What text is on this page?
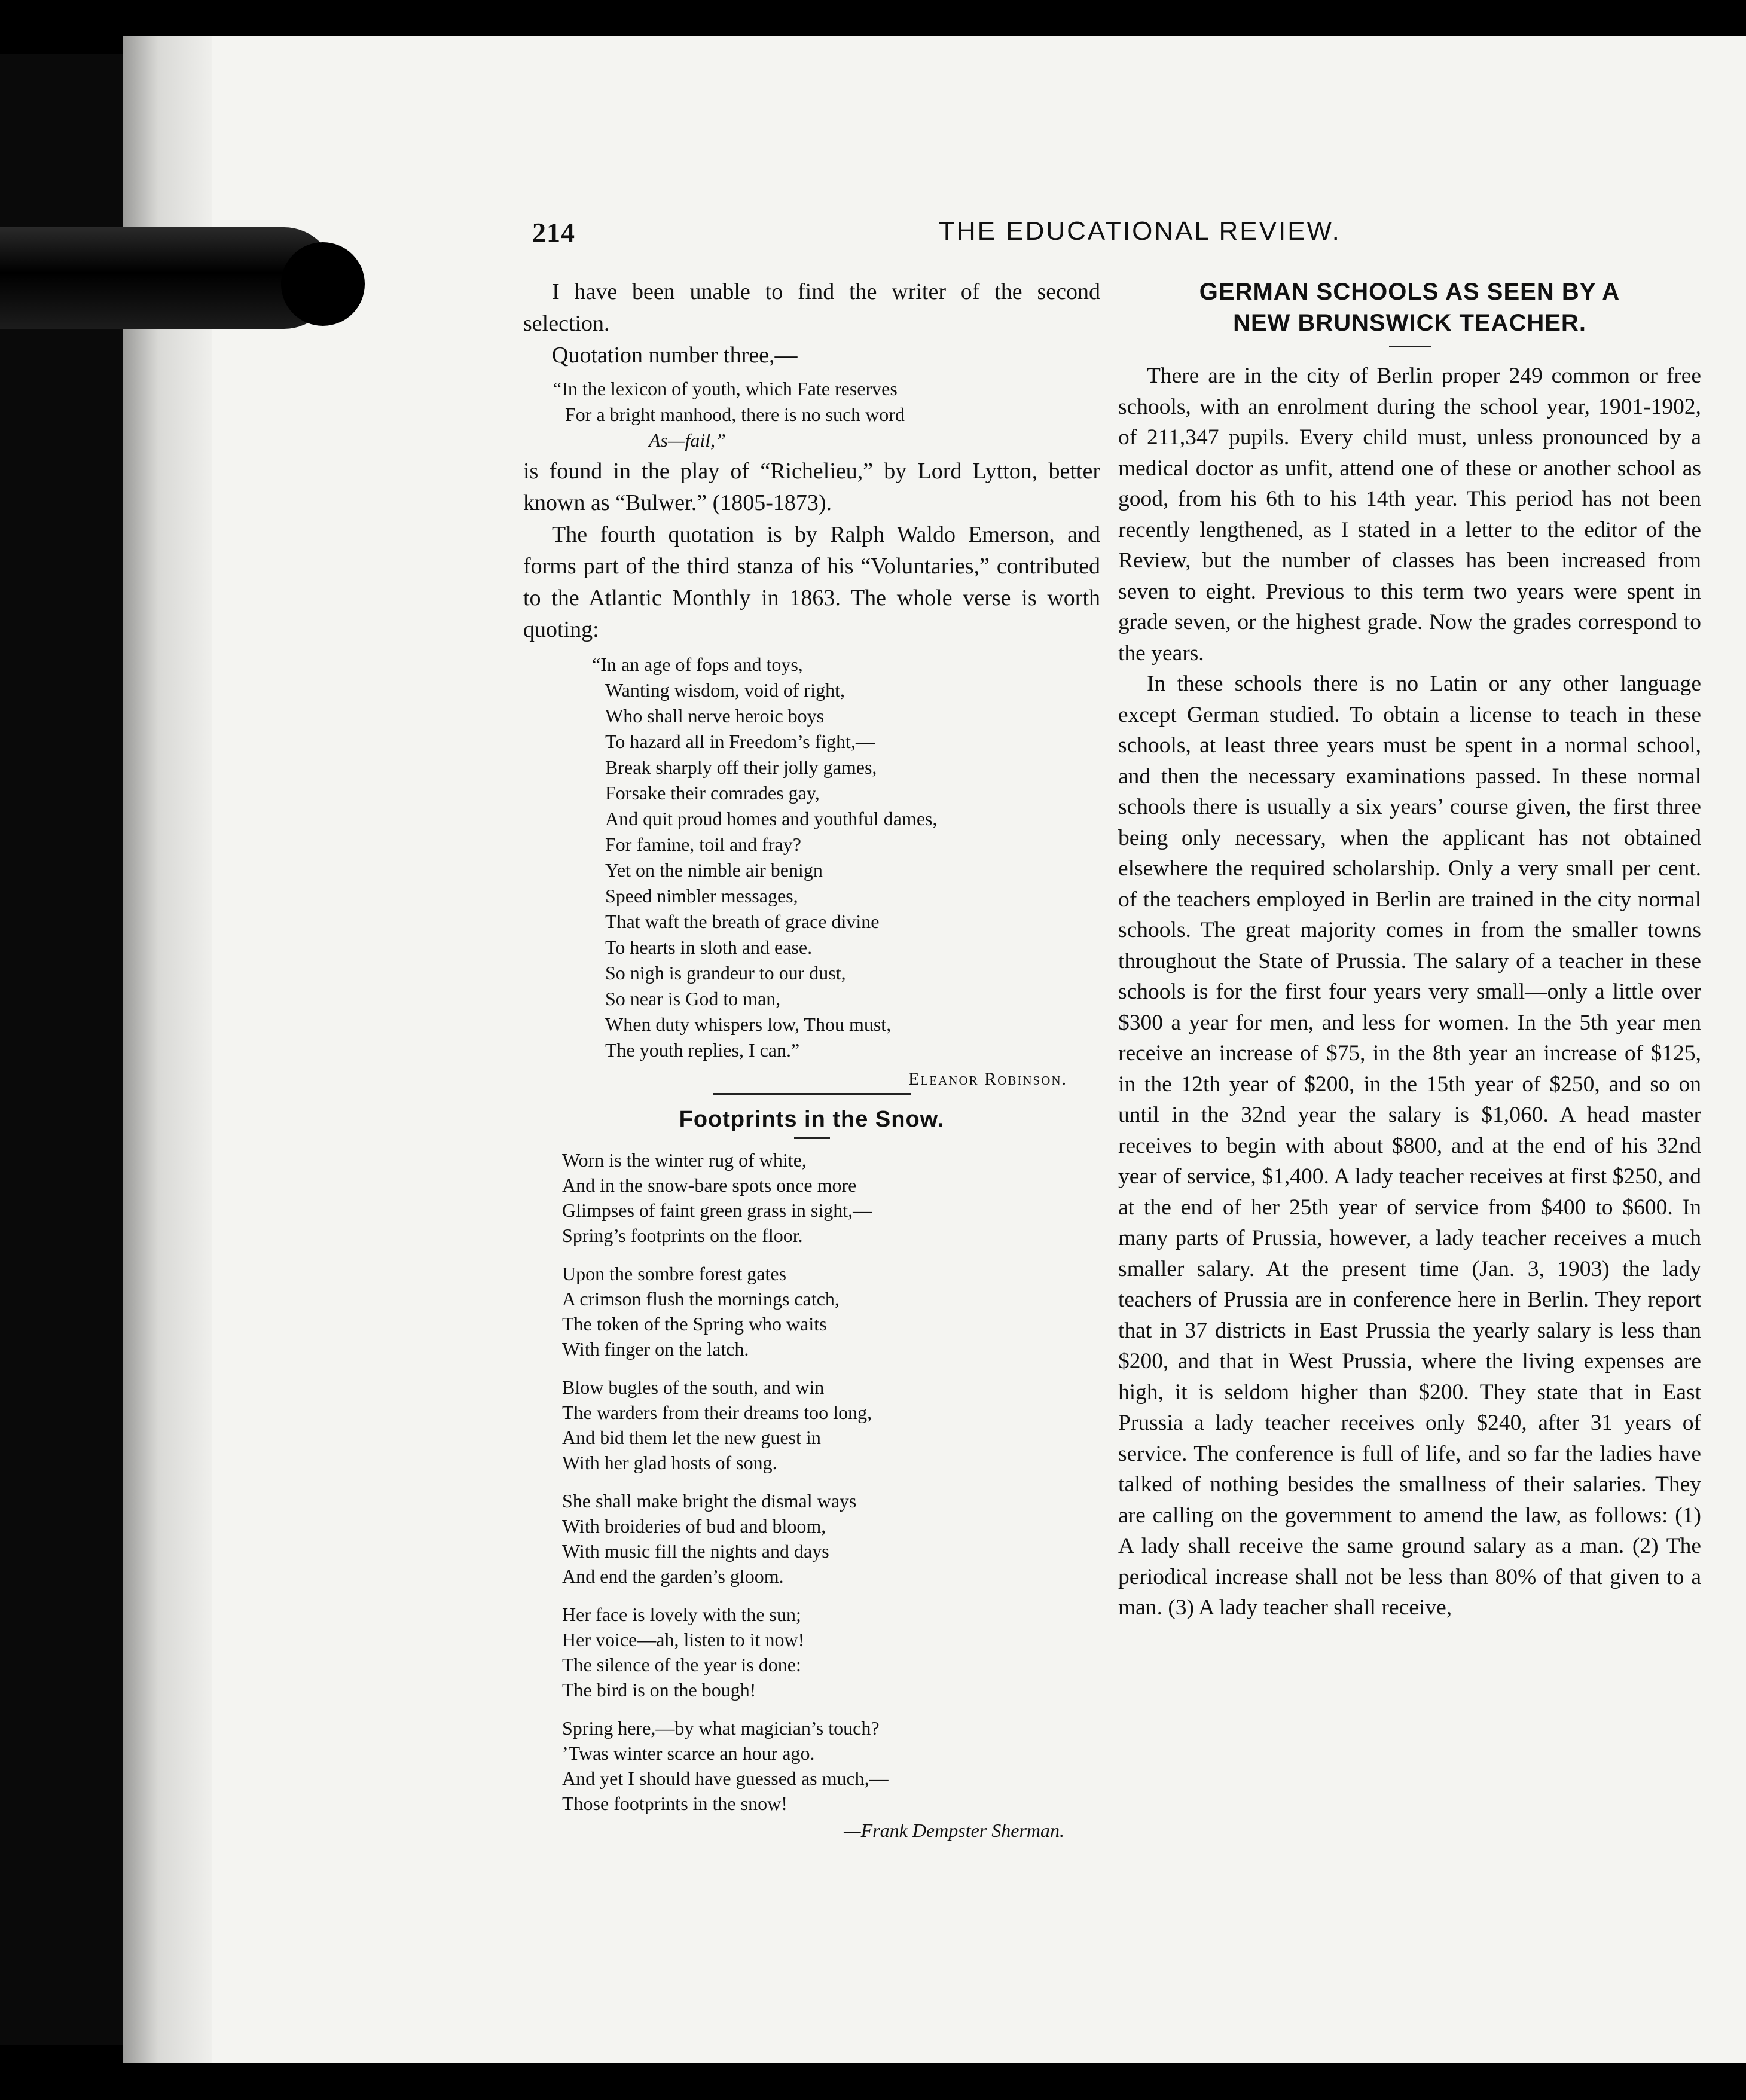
214	THE EDUCATIONAL REVIEW.

I have been unable to find the writer of the second selection.

Quotation number three,—

“In the lexicon of youth, which Fate reserves

For a bright manhood, there is no such word

As—fail,”

is found in the play of “Richelieu,” by Lord Lytton, better known as “Bulwer.” (1805-1873).

The fourth quotation is by Ralph Waldo Emerson, and forms part of the third stanza of his “Voluntaries,” contributed to the Atlantic Monthly in 1863. The whole verse is worth quoting:

“In an age of fops and toys,

Wanting wisdom, void of right,

Who shall nerve heroic boys

To hazard all in Freedom’s fight,—

Break sharply off their jolly games,

Forsake their comrades gay,

And quit proud homes and youthful dames,

For famine, toil and fray?

Yet on the nimble air benign

Speed nimbler messages,

That waft the breath of grace divine

To hearts in sloth and ease.

So nigh is grandeur to our dust,

So near is God to man,

When duty whispers low, Thou must,

The youth replies, I can.”

Eleanor Robinson.

Footprints in the Snow.

Worn is the winter rug of white,
And in the snow-bare spots once more
Glimpses of faint green grass in sight,—
Spring’s footprints on the floor.
Upon the sombre forest gates
A crimson flush the mornings catch,
The token of the Spring who waits
With finger on the latch.
Blow bugles of the south, and win
The warders from their dreams too long,
And bid them let the new guest in
With her glad hosts of song.
She shall make bright the dismal ways
With broideries of bud and bloom,
With music fill the nights and days
And end the garden’s gloom.
Her face is lovely with the sun;
Her voice—ah, listen to it now!
The silence of the year is done:
The bird is on the bough!
Spring here,—by what magician’s touch?
’Twas winter scarce an hour ago.
And yet I should have guessed as much,—
Those footprints in the snow!

—Frank Dempster Sherman.

GERMAN SCHOOLS AS SEEN BY A

NEW BRUNSWICK TEACHER.

There are in the city of Berlin proper 249 common or free schools, with an enrolment during the school year, 1901-1902, of 211,347 pupils. Every child must, unless pronounced by a medical doctor as unfit, attend one of these or another school as good, from his 6th to his 14th year. This period has not been recently lengthened, as I stated in a letter to the editor of the Review, but the number of classes has been increased from seven to eight. Previous to this term two years were spent in grade seven, or the highest grade. Now the grades correspond to the years.

In these schools there is no Latin or any other language except German studied. To obtain a license to teach in these schools, at least three years must be spent in a normal school, and then the necessary examinations passed. In these normal schools there is usually a six years’ course given, the first three being only necessary, when the applicant has not obtained elsewhere the required scholarship. Only a very small per cent. of the teachers employed in Berlin are trained in the city normal schools. The great majority comes in from the smaller towns throughout the State of Prussia. The salary of a teacher in these schools is for the first four years very small—only a little over $300 a year for men, and less for women. In the 5th year men receive an increase of $75, in the 8th year an increase of $125, in the 12th year of $200, in the 15th year of $250, and so on until in the 32nd year the salary is $1,060. A head master receives to begin with about $800, and at the end of his 32nd year of service, $1,400. A lady teacher receives at first $250, and at the end of her 25th year of service from $400 to $600. In many parts of Prussia, however, a lady teacher receives a much smaller salary. At the present time (Jan. 3, 1903) the lady teachers of Prussia are in conference here in Berlin. They report that in 37 districts in East Prussia the yearly salary is less than $200, and that in West Prussia, where the living expenses are high, it is seldom higher than $200. They state that in East Prussia a lady teacher receives only $240, after 31 years of service. The conference is full of life, and so far the ladies have talked of nothing besides the smallness of their salaries. They are calling on the government to amend the law, as follows: (1) A lady shall receive the same ground salary as a man. (2) The periodical increase shall not be less than 80% of that given to a man. (3) A lady teacher shall receive,
